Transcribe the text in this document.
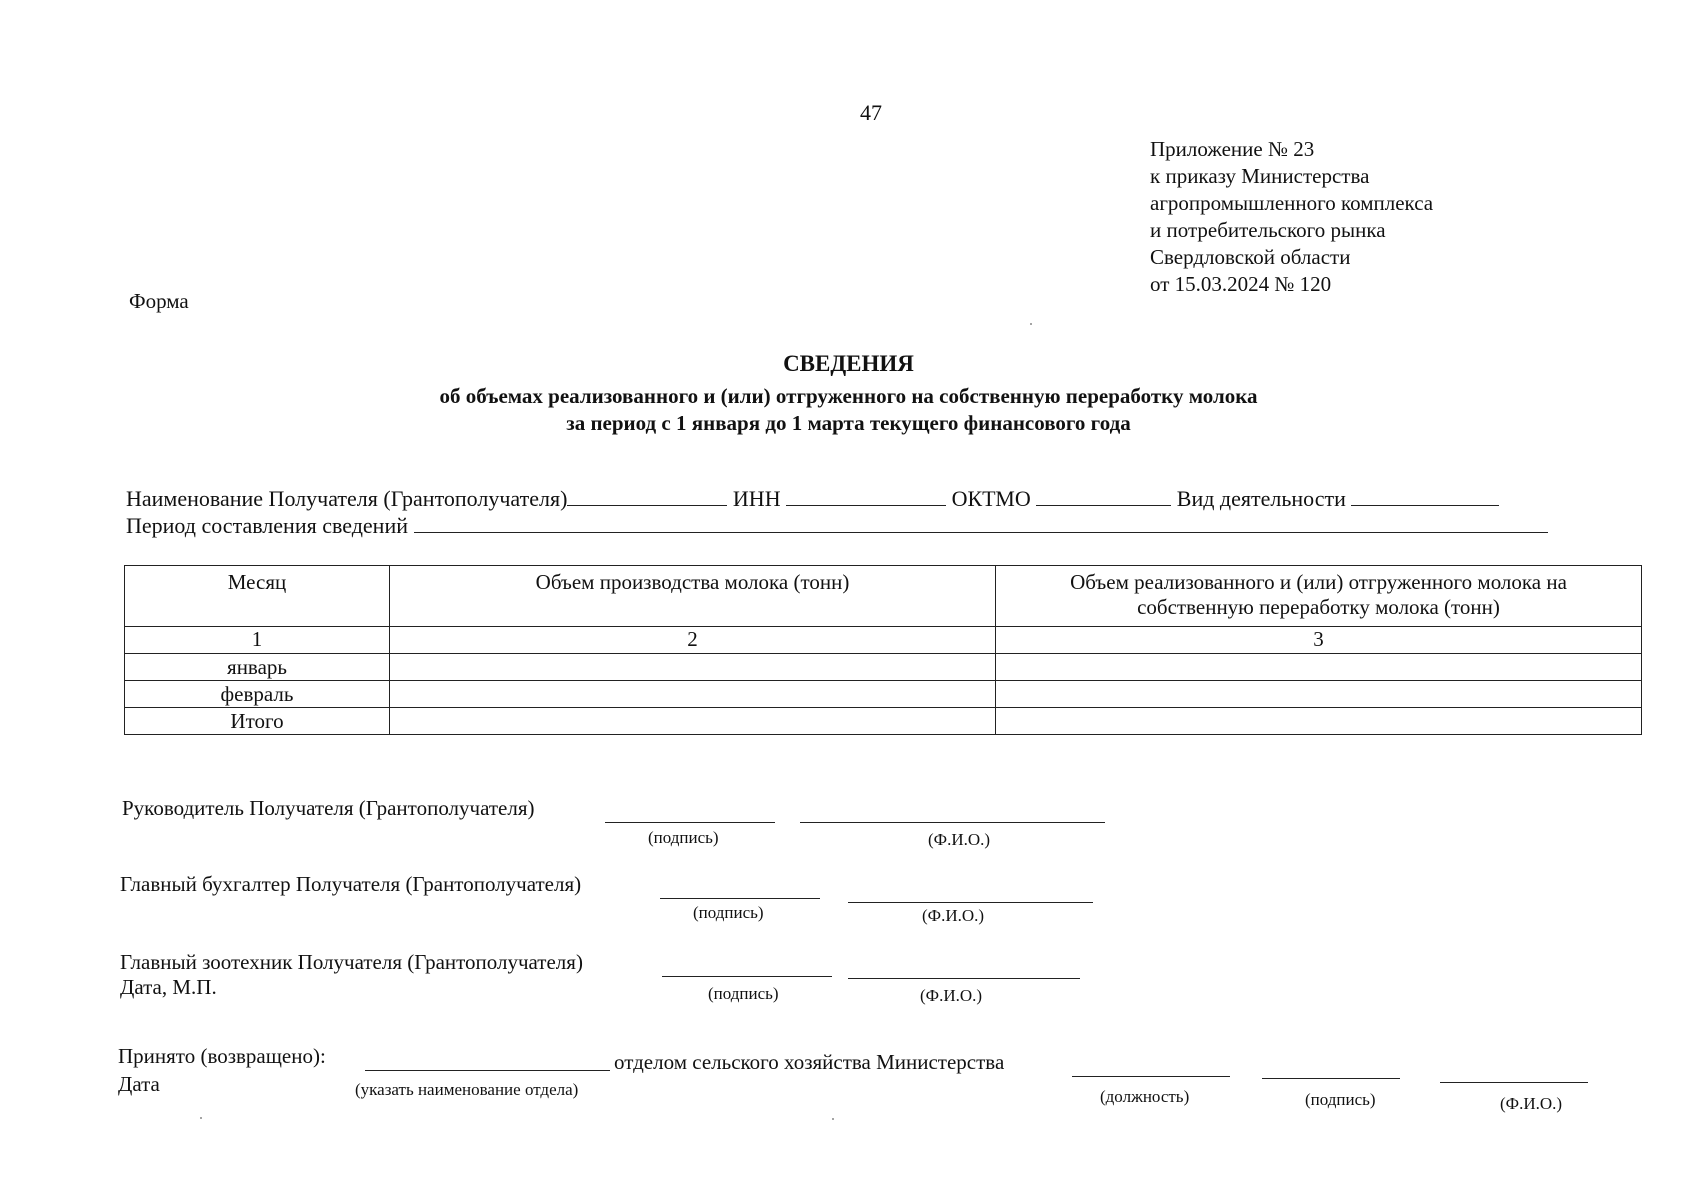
47
Приложение № 23
к приказу Министерства
агропромышленного комплекса
и потребительского рынка
Свердловской области
от 15.03.2024 № 120
Форма
СВЕДЕНИЯ
об объемах реализованного и (или) отгруженного на собственную переработку молока
за период с 1 января до 1 марта текущего финансового года
Наименование Получателя (Грантополучателя)	ИНН	ОКТМО	Вид деятельности
Период составления сведений
Месяц	Объем производства молока (тонн)	Объем реализованного и (или) отгруженного молока на собственную переработку молока (тонн)
1	2	3
январь		
февраль		
Итого		
Руководитель Получателя (Грантополучателя)
(подпись)	(Ф.И.О.)
Главный бухгалтер Получателя (Грантополучателя)
(подпись)	(Ф.И.О.)
Главный зоотехник Получателя (Грантополучателя)
Дата, М.П.	(подпись)	(Ф.И.О.)
Принято (возвращено):	отделом сельского хозяйства Министерства
Дата	(указать наименование отдела)	(должность)	(подпись)	(Ф.И.О.)
